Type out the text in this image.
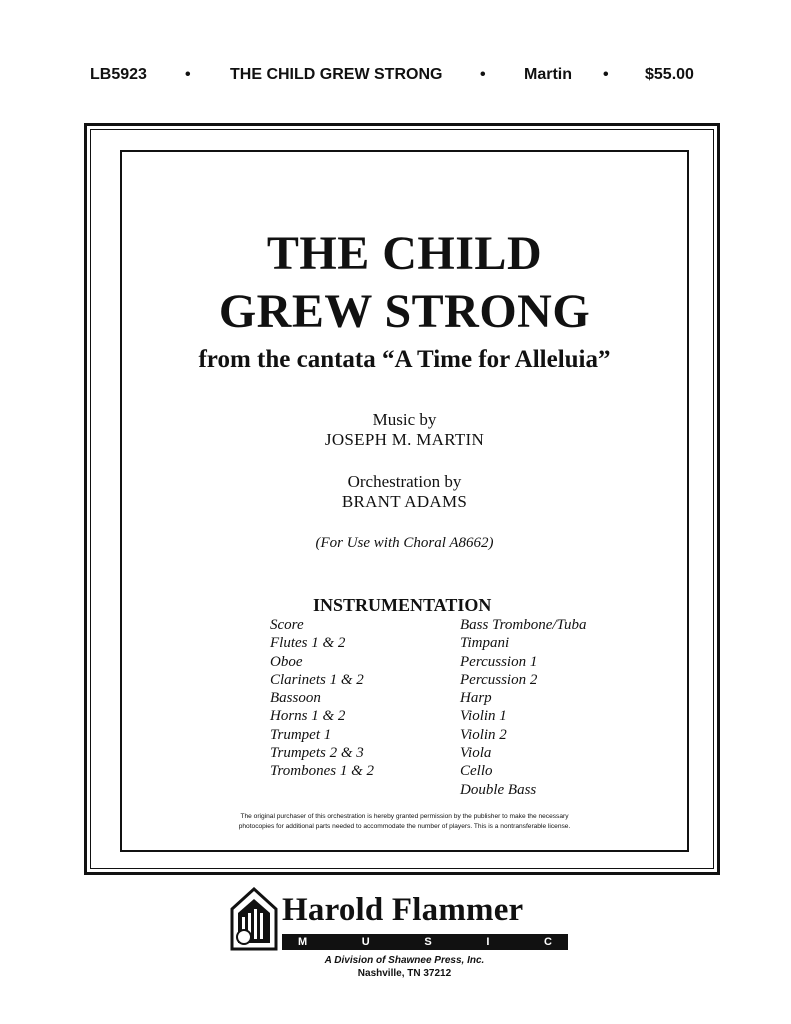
LB5923 • THE CHILD GREW STRONG • Martin • $55.00
THE CHILD
GREW STRONG
from the cantata “A Time for Alleluia”
Music by
JOSEPH M. MARTIN
Orchestration by
BRANT ADAMS
(For Use with Choral A8662)
INSTRUMENTATION
Score
Flutes 1 & 2
Oboe
Clarinets 1 & 2
Bassoon
Horns 1 & 2
Trumpet 1
Trumpets 2 & 3
Trombones 1 & 2
Bass Trombone/Tuba
Timpani
Percussion 1
Percussion 2
Harp
Violin 1
Violin 2
Viola
Cello
Double Bass
The original purchaser of this orchestration is hereby granted permission by the publisher to make the necessary
photocopies for additional parts needed to accommodate the number of players. This is a nontransferable license.
Harold Flammer
M	U	S	I	C
A Division of Shawnee Press, Inc.
Nashville, TN 37212
